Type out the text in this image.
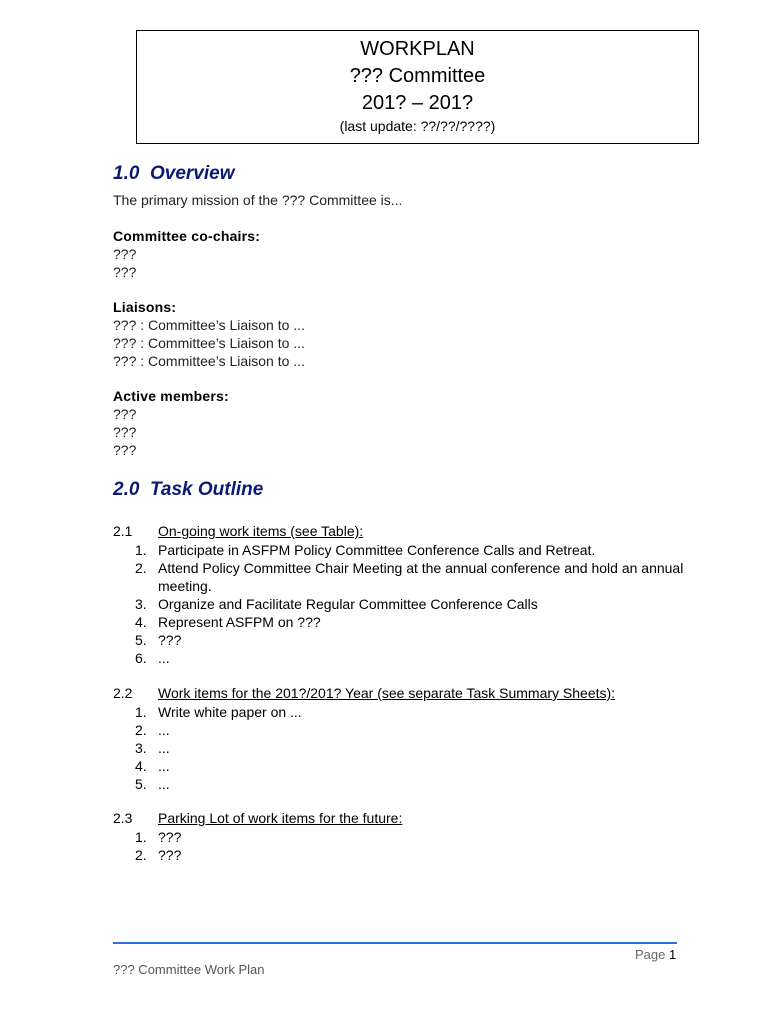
WORKPLAN
??? Committee
201? – 201?
(last update: ??/??/????)
1.0 Overview
The primary mission of the ??? Committee is...
Committee co-chairs:
???
???
Liaisons:
??? : Committee’s Liaison to ...
??? : Committee’s Liaison to ...
??? : Committee’s Liaison to ...
Active members:
???
???
???
2.0 Task Outline
2.1 On-going work items (see Table):
1. Participate in ASFPM Policy Committee Conference Calls and Retreat.
2. Attend Policy Committee Chair Meeting at the annual conference and hold an annual meeting.
3. Organize and Facilitate Regular Committee Conference Calls
4. Represent ASFPM on ???
5. ???
6. ...
2.2 Work items for the 201?/201? Year (see separate Task Summary Sheets):
1. Write white paper on ...
2. ...
3. ...
4. ...
5. ...
2.3 Parking Lot of work items for the future:
1. ???
2. ???
Page 1
??? Committee Work Plan
